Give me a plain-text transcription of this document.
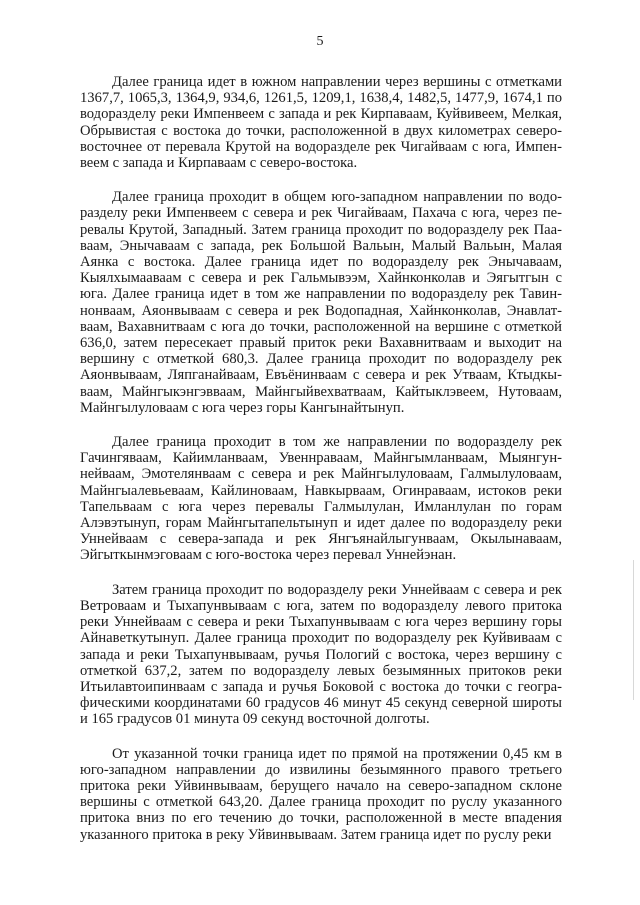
5

Далее граница идет в южном направлении через вершины с отметками 1367,7, 1065,3, 1364,9, 934,6, 1261,5, 1209,1, 1638,4, 1482,5, 1477,9, 1674,1 по водоразделу реки Импенвеем с запада и рек Кирпаваам, Куйвивеем, Мелкая, Обрывистая с востока до точки, расположенной в двух километрах северовосточнее от перевала Крутой на водоразделе рек Чигайваам с юга, Импенвеем с запада и Кирпаваам с северо-востока.

Далее граница проходит в общем юго-западном направлении по водоразделу реки Импенвеем с севера и рек Чигайваам, Пахача с юга, через перевалы Крутой, Западный. Затем граница проходит по водоразделу рек Пааваам, Энычаваам с запада, рек Большой Вальын, Малый Вальын, Малая Аянка с востока. Далее граница идет по водоразделу рек Энычаваам, Кыялхымааваам с севера и рек Гальмывээм, Хайнконколав и Эягытгын с юга. Далее граница идет в том же направлении по водоразделу рек Тавиннонваам, Аяонвываам с севера и рек Водопадная, Хайнконколав, Энавлатваам, Вахавнитваам с юга до точки, расположенной на вершине с отметкой 636,0, затем пересекает правый приток реки Вахавнитваам и выходит на вершину с отметкой 680,3. Далее граница проходит по водоразделу рек Аяонвываам, Ляпганайваам, Евъёнинваам с севера и рек Утваам, Ктыдкываам, Майнгыкэнгэвваам, Майнгыйвехватваам, Кайтыклэвеем, Нутоваам, Майнгылуловаам с юга через горы Кангынайтынуп.

Далее граница проходит в том же направлении по водоразделу рек Гачингяваам, Кайимланваам, Увеннраваам, Майнгымланваам, Мыянгуннейваам, Эмотелянваам с севера и рек Майнгылуловаам, Галмылуловаам, Майнгыалевьеваам, Кайлиноваам, Навкырваам, Огинраваам, истоков реки Тапельваам с юга через перевалы Галмылулан, Имланлулан по горам Алэвэтынуп, горам Майнгытапельтынуп и идет далее по водоразделу реки Уннейваам с севера-запада и рек Янгъянайлыгунваам, Окылынаваам, Эйгыткынмэговаам с юго-востока через перевал Уннейэнан.

Затем граница проходит по водоразделу реки Уннейваам с севера и рек Ветроваам и Тыхапунвываам с юга, затем по водоразделу левого притока реки Уннейваам с севера и реки Тыхапунвываам с юга через вершину горы Айнаветкутынуп. Далее граница проходит по водоразделу рек Куйвиваам с запада и реки Тыхапунвываам, ручья Пологий с востока, через вершину с отметкой 637,2, затем по водоразделу левых безымянных притоков реки Итьилавтоипинваам с запада и ручья Боковой с востока до точки с географическими координатами 60 градусов 46 минут 45 секунд северной широты и 165 градусов 01 минута 09 секунд восточной долготы.

От указанной точки граница идет по прямой на протяжении 0,45 км в юго-западном направлении до извилины безымянного правого третьего притока реки Уйвинвываам, берущего начало на северо-западном склоне вершины с отметкой 643,20. Далее граница проходит по руслу указанного притока вниз по его течению до точки, расположенной в месте впадения указанного притока в реку Уйвинвываам. Затем граница идет по руслу реки
